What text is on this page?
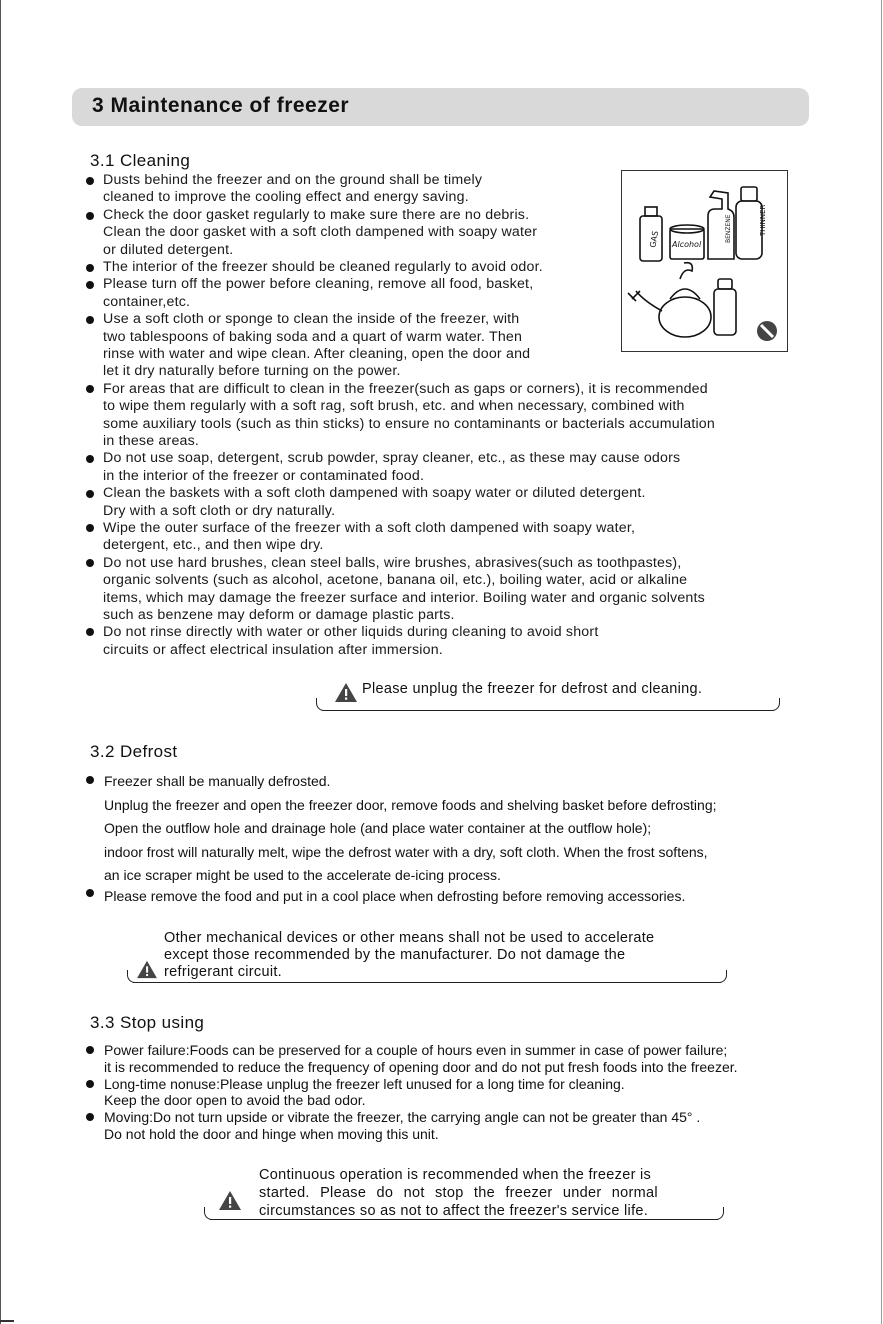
3 Maintenance of freezer
3.1 Cleaning
Dusts behind the freezer and on the ground shall be timely
cleaned to improve the cooling effect and energy saving.
Check the door gasket regularly to make sure there are no debris.
Clean the door gasket with a soft cloth dampened with soapy water
or diluted detergent.
The interior of the freezer should be cleaned regularly to avoid odor.
Please turn off the power before cleaning, remove all food, basket,
container,etc.
Use a soft cloth or sponge to clean the inside of the freezer, with
two tablespoons of baking soda and a quart of warm water. Then
rinse with water and wipe clean. After cleaning, open the door and
let it dry naturally before turning on the power.
For areas that are difficult to clean in the freezer(such as gaps or corners), it is recommended
to wipe them regularly with a soft rag, soft brush, etc. and when necessary, combined with
some auxiliary tools (such as thin sticks) to ensure no contaminants or bacterials accumulation
in these areas.
Do not use soap, detergent, scrub powder, spray cleaner, etc., as these may cause odors
in the interior of the freezer or contaminated food.
Clean the baskets with a soft cloth dampened with soapy water or diluted detergent.
Dry with a soft cloth or dry naturally.
Wipe the outer surface of the freezer with a soft cloth dampened with soapy water,
detergent, etc., and then wipe dry.
Do not use hard brushes, clean steel balls, wire brushes, abrasives(such as toothpastes),
organic solvents (such as alcohol, acetone, banana oil, etc.), boiling water, acid or alkaline
items, which may damage the freezer surface and interior. Boiling water and organic solvents
such as benzene may deform or damage plastic parts.
Do not rinse directly with water or other liquids during cleaning to avoid short
circuits or affect electrical insulation after immersion.
GAS Alcohol
BENZENE	THINNER
Please unplug the freezer for defrost and cleaning.
3.2 Defrost
Freezer shall be manually defrosted.
Unplug the freezer and open the freezer door, remove foods and shelving basket before defrosting;
Open the outflow hole and drainage hole (and place water container at the outflow hole);
indoor frost will naturally melt, wipe the defrost water with a dry, soft cloth. When the frost softens,
an ice scraper might be used to the accelerate de-icing process.
Please remove the food and put in a cool place when defrosting before removing accessories.
Other mechanical devices or other means shall not be used to accelerate
except those recommended by the manufacturer. Do not damage the
refrigerant circuit.
3.3 Stop using
Power failure:Foods can be preserved for a couple of hours even in summer in case of power failure;
it is recommended to reduce the frequency of opening door and do not put fresh foods into the freezer.
Long-time nonuse:Please unplug the freezer left unused for a long time for cleaning.
Keep the door open to avoid the bad odor.
Moving:Do not turn upside or vibrate the freezer, the carrying angle can not be greater than 45° .
Do not hold the door and hinge when moving this unit.
Continuous operation is recommended when the freezer is
started. Please do not stop the freezer under normal
circumstances so as not to affect the freezer's service life.
